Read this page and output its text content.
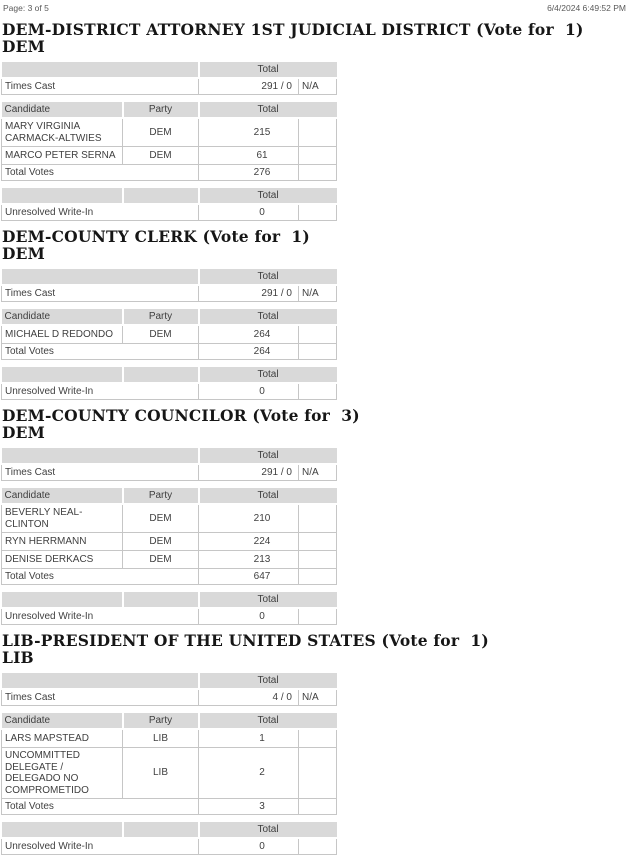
Page: 3 of 5	6/4/2024 6:49:52 PM
DEM-DISTRICT ATTORNEY 1ST JUDICIAL DISTRICT (Vote for  1)
DEM
	Total	
Times Cast	291 / 0	N/A
Candidate	Party	Total	
MARY VIRGINIA CARMACK-ALTWIES	DEM	215	
MARCO PETER SERNA	DEM	61	
Total Votes		276	
		Total	
Unresolved Write-In		0	
DEM-COUNTY CLERK (Vote for  1)
DEM
	Total	
Times Cast	291 / 0	N/A
Candidate	Party	Total	
MICHAEL D REDONDO	DEM	264	
Total Votes		264	
		Total	
Unresolved Write-In		0	
DEM-COUNTY COUNCILOR (Vote for  3)
DEM
	Total	
Times Cast	291 / 0	N/A
Candidate	Party	Total	
BEVERLY NEAL-CLINTON	DEM	210	
RYN HERRMANN	DEM	224	
DENISE DERKACS	DEM	213	
Total Votes		647	
		Total	
Unresolved Write-In		0	
LIB-PRESIDENT OF THE UNITED STATES (Vote for  1)
LIB
	Total	
Times Cast	4 / 0	N/A
Candidate	Party	Total	
LARS MAPSTEAD	LIB	1	
UNCOMMITTED DELEGATE / DELEGADO NO COMPROMETIDO	LIB	2	
Total Votes		3	
		Total	
Unresolved Write-In		0	
